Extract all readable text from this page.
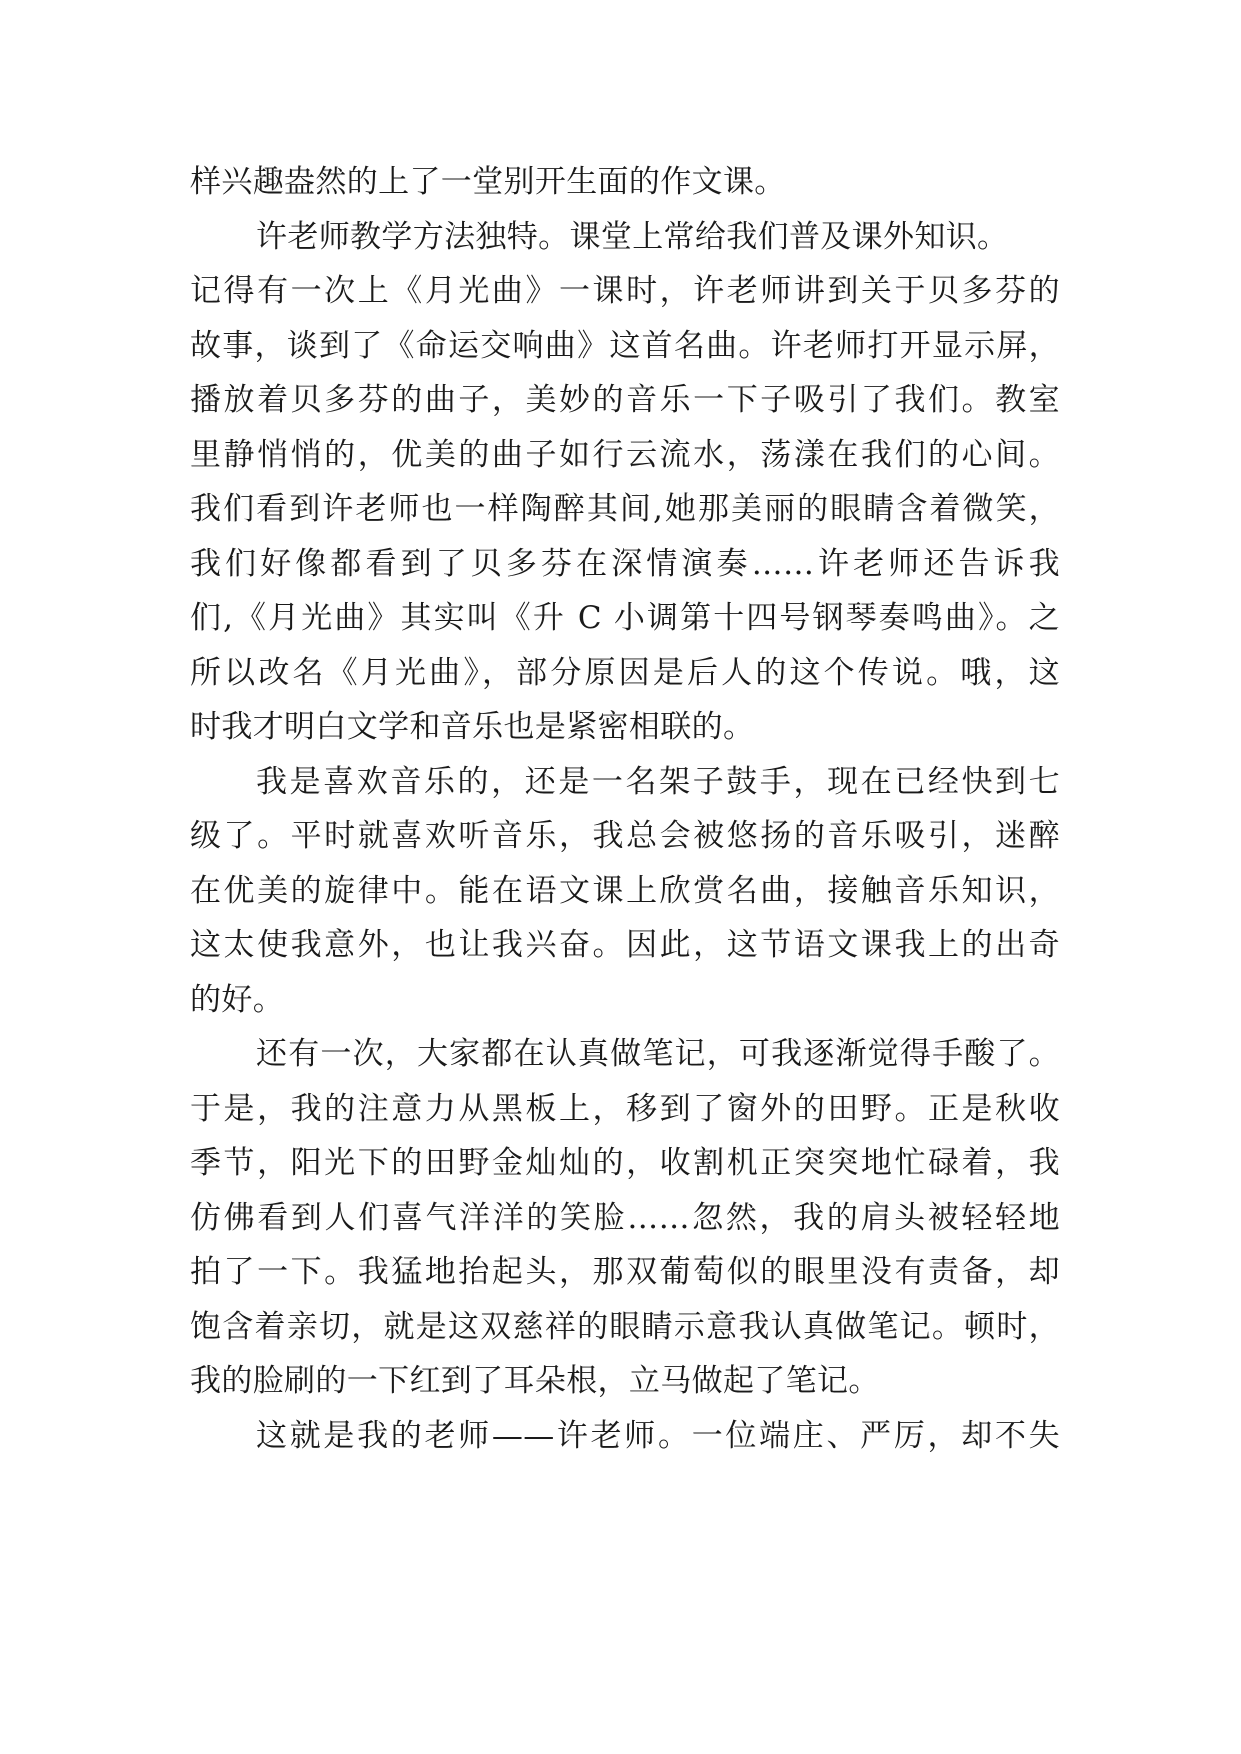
样兴趣盎然的上了一堂别开生面的作文课。
许老师教学方法独特。课堂上常给我们普及课外知识。
记得有一次上《月光曲》一课时，许老师讲到关于贝多芬的
故事，谈到了《命运交响曲》这首名曲。许老师打开显示屏，
播放着贝多芬的曲子，美妙的音乐一下子吸引了我们。教室
里静悄悄的，优美的曲子如行云流水，荡漾在我们的心间。
我们看到许老师也一样陶醉其间,她那美丽的眼睛含着微笑，
我们好像都看到了贝多芬在深情演奏……许老师还告诉我
们,《月光曲》其实叫《升 C 小调第十四号钢琴奏鸣曲》。之
所以改名《月光曲》，部分原因是后人的这个传说。哦，这
时我才明白文学和音乐也是紧密相联的。
我是喜欢音乐的，还是一名架子鼓手，现在已经快到七
级了。平时就喜欢听音乐，我总会被悠扬的音乐吸引，迷醉
在优美的旋律中。能在语文课上欣赏名曲，接触音乐知识，
这太使我意外，也让我兴奋。因此，这节语文课我上的出奇
的好。
还有一次，大家都在认真做笔记，可我逐渐觉得手酸了。
于是，我的注意力从黑板上，移到了窗外的田野。正是秋收
季节，阳光下的田野金灿灿的，收割机正突突地忙碌着，我
仿佛看到人们喜气洋洋的笑脸……忽然，我的肩头被轻轻地
拍了一下。我猛地抬起头，那双葡萄似的眼里没有责备，却
饱含着亲切，就是这双慈祥的眼睛示意我认真做笔记。顿时，
我的脸刷的一下红到了耳朵根，立马做起了笔记。
这就是我的老师——许老师。一位端庄、严厉，却不失
